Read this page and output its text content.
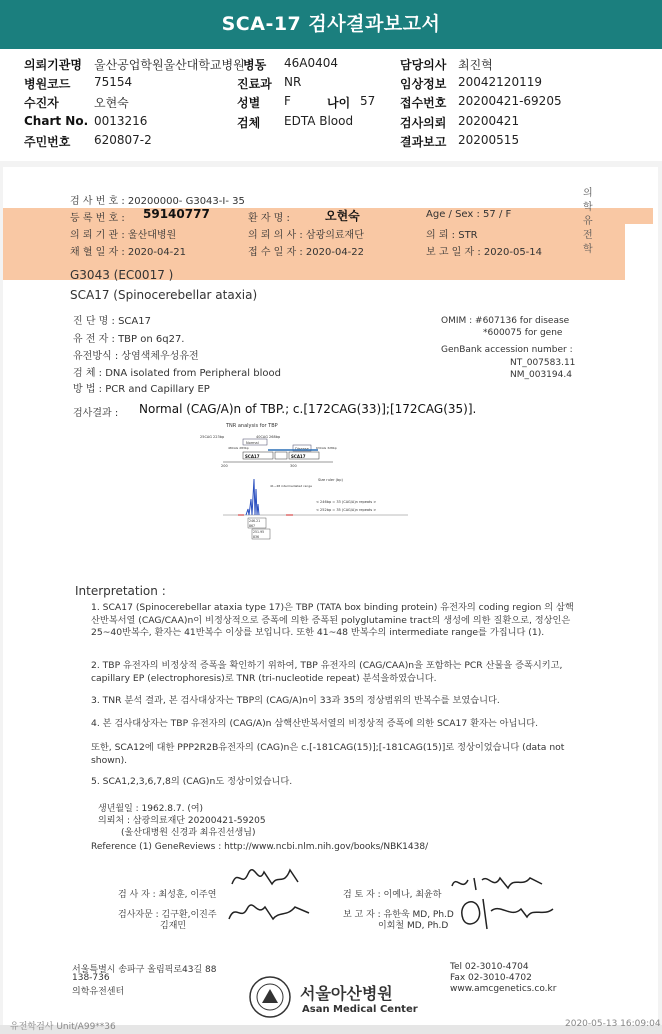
SCA-17 검사결과보고서
의뢰기관명 울산공업학원울산대학교병원
병동 46A0404	담당의사 최진혁
병원코드 75154	진료과 NR	임상정보 20042120119
수진자	오현숙	성별 F	나이 57 접수번호 20200421-69205
Chart No. 0013216	검체 EDTA Blood	검사의뢰 20200421
주민번호 620807-2	결과보고 20200515
검 사 번 호 : 20200000- G3043-I- 35
의학유전학
등 록 번 호 : 59140777	환 자 명 :	오현숙	Age / Sex : 57 / F
의 뢰 기 관 : 울산대병원	의 뢰 의 사 : 삼광의료재단	의 뢰 : STR
채 혈 일 자 : 2020-04-21	접 수 일 자 : 2020-04-22	보 고 일 자 : 2020-05-14
G3043 (EC0017 )
SCA17 (Spinocerebellar ataxia)
진 단 명 : SCA17
유 전 자 : TBP on 6q27.
유전방식 : 상염색체우성유전
검 체 : DNA isolated from Peripheral blood
방 법 : PCR and Capillary EP
OMIM : #607136 for disease
*600075 for gene
GenBank accession number :
NT_007583.11
NM_003194.4
검사결과 : Normal (CAG/A)n of TBP.; c.[172CAG(33)];[172CAG(35)].
TNR analysis for TBP
25CAG 223bp	40CAG 268bp
Normal
Disease
48CAG 283bp	63CAG 328bp
SCA17	SCA17
200	300
Size ruler (bp)
41~48 intermediated range
< 246bp = 33 (CAG/A)n repeats >
< 252bp = 35 (CAG/A)n repeats >
246.21
867
251.95
836
Interpretation :
1. SCA17 (Spinocerebellar ataxia type 17)은 TBP (TATA box binding protein) 유전자의 coding region 의 삼핵산반복서열 (CAG/CAA)n이 비정상적으로 증폭에 의한 증폭된 polyglutamine tract의 생성에 의한 질환으로, 정상인은 25~40반복수, 환자는 41반복수 이상를 보입니다. 또한 41~48 반복수의 intermediate range를 가집니다 (1).
2. TBP 유전자의 비정상적 증폭을 확인하기 위하여, TBP 유전자의 (CAG/CAA)n을 포함하는 PCR 산물을 증폭시키고, capillary EP (electrophoresis)로 TNR (tri-nucleotide repeat) 분석을하였습니다.
3. TNR 분석 결과, 본 검사대상자는 TBP의 (CAG/A)n이 33과 35의 정상범위의 반복수를 보였습니다.
4. 본 검사대상자는 TBP 유전자의 (CAG/A)n 삼핵산반복서열의 비정상적 증폭에 의한 SCA17 환자는 아닙니다.
또한, SCA12에 대한 PPP2R2B유전자의 (CAG)n은 c.[-181CAG(15)];[-181CAG(15)]로 정상이었습니다 (data not shown).
5. SCA1,2,3,6,7,8의 (CAG)n도 정상이었습니다.
생년월일 : 1962.8.7. (여)
의뢰처 : 삼광의료재단 20200421-59205
(울산대병원 신경과 최유진선생님)
Reference (1) GeneReviews : http://www.ncbi.nlm.nih.gov/books/NBK1438/
검 사 자 : 최성훈, 이주연	검 토 자 : 이예나, 최윤하
검사자문 : 김구환,이진주
김재민
보 고 자 : 유한욱 MD, Ph.D
이회철 MD, Ph.D
서울특별시 송파구 올림픽로43길 88
138-736
의학유전센터	서울아산병원
Asan Medical Center
Tel 02-3010-4704
Fax 02-3010-4702
www.amcgenetics.co.kr
유전학검사 Unit/A99**36	2020-05-13 16:09:04
